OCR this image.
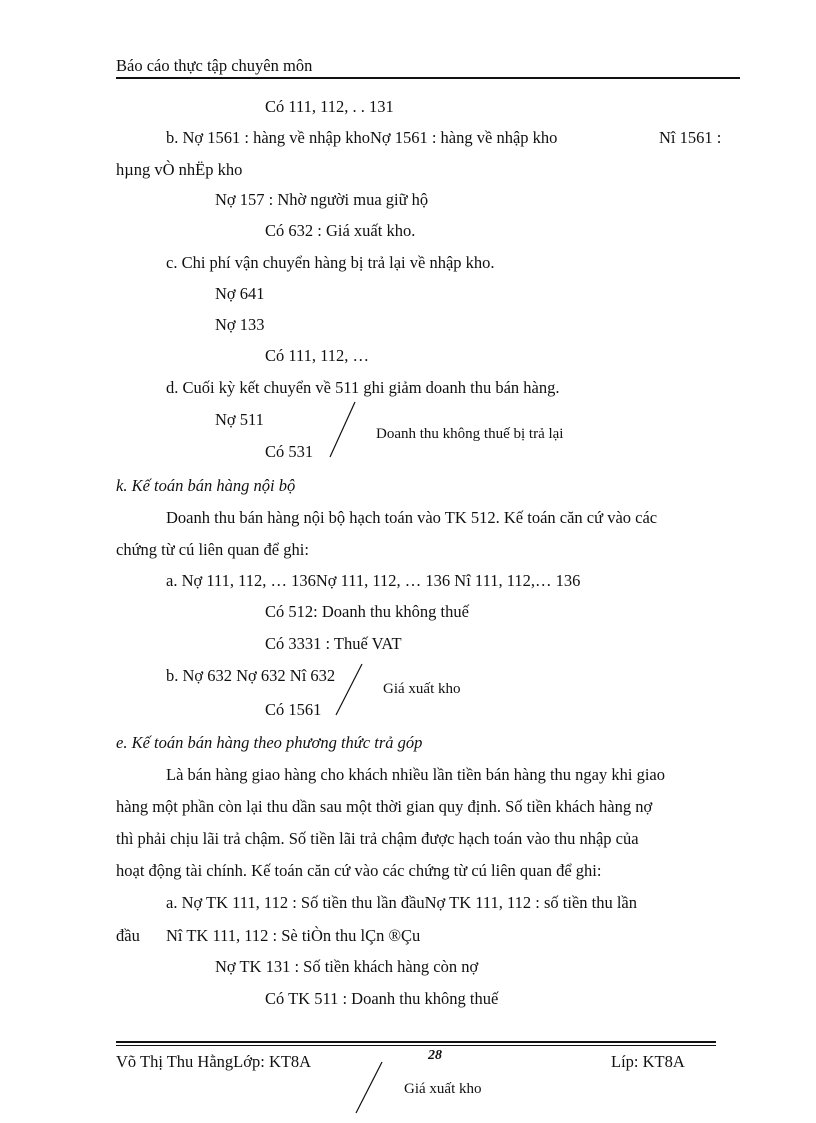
Báo cáo thực tập chuyên môn
Có 111, 112, . . 131
b. Nợ 1561 : hàng về nhập khoNợ 1561 : hàng về nhập kho	Nî 1561 :
hµng vÒ nhËp kho
Nợ 157 : Nhờ người mua giữ hộ
Có 632 : Giá xuất kho.
c. Chi phí vận chuyển hàng bị trả lại về nhập kho.
Nợ 641
Nợ 133
Có 111, 112, …
d. Cuối kỳ kết chuyển về 511 ghi giảm doanh thu bán hàng.
Nợ 511
Có 531
Doanh thu không thuế bị trả lại
k. Kế toán bán hàng nội bộ
Doanh thu bán hàng nội bộ hạch toán vào TK 512. Kế toán căn cứ vào các
chứng từ cú liên quan để ghi:
a. Nợ 111, 112, … 136Nợ 111, 112, … 136 Nî 111, 112,… 136
Có 512: Doanh thu không thuế
Có 3331 : Thuế VAT
b. Nợ 632 Nợ 632 Nî 632
Giá xuất kho
Có 1561
e. Kế toán bán hàng theo phương thức trả góp
Là bán hàng giao hàng cho khách nhiều lần tiền bán hàng thu ngay khi giao
hàng một phần còn lại thu dần sau một thời gian quy định. Số tiền khách hàng nợ
thì phải chịu lãi trả chậm. Số tiền lãi trả chậm được hạch toán vào thu nhập của
hoạt động tài chính. Kế toán căn cứ vào các chứng từ cú liên quan để ghi:
a. Nợ TK 111, 112 : Số tiền thu lần đầuNợ TK 111, 112 : số tiền thu lần
đầu Nî TK 111, 112 : Sè tiÒn thu lÇn ®Çu
Nợ TK 131 : Số tiền khách hàng còn nợ
Có TK 511 : Doanh thu không thuế
Võ Thị Thu HằngLớp: KT8A	28	Líp: KT8A
Giá xuất kho
